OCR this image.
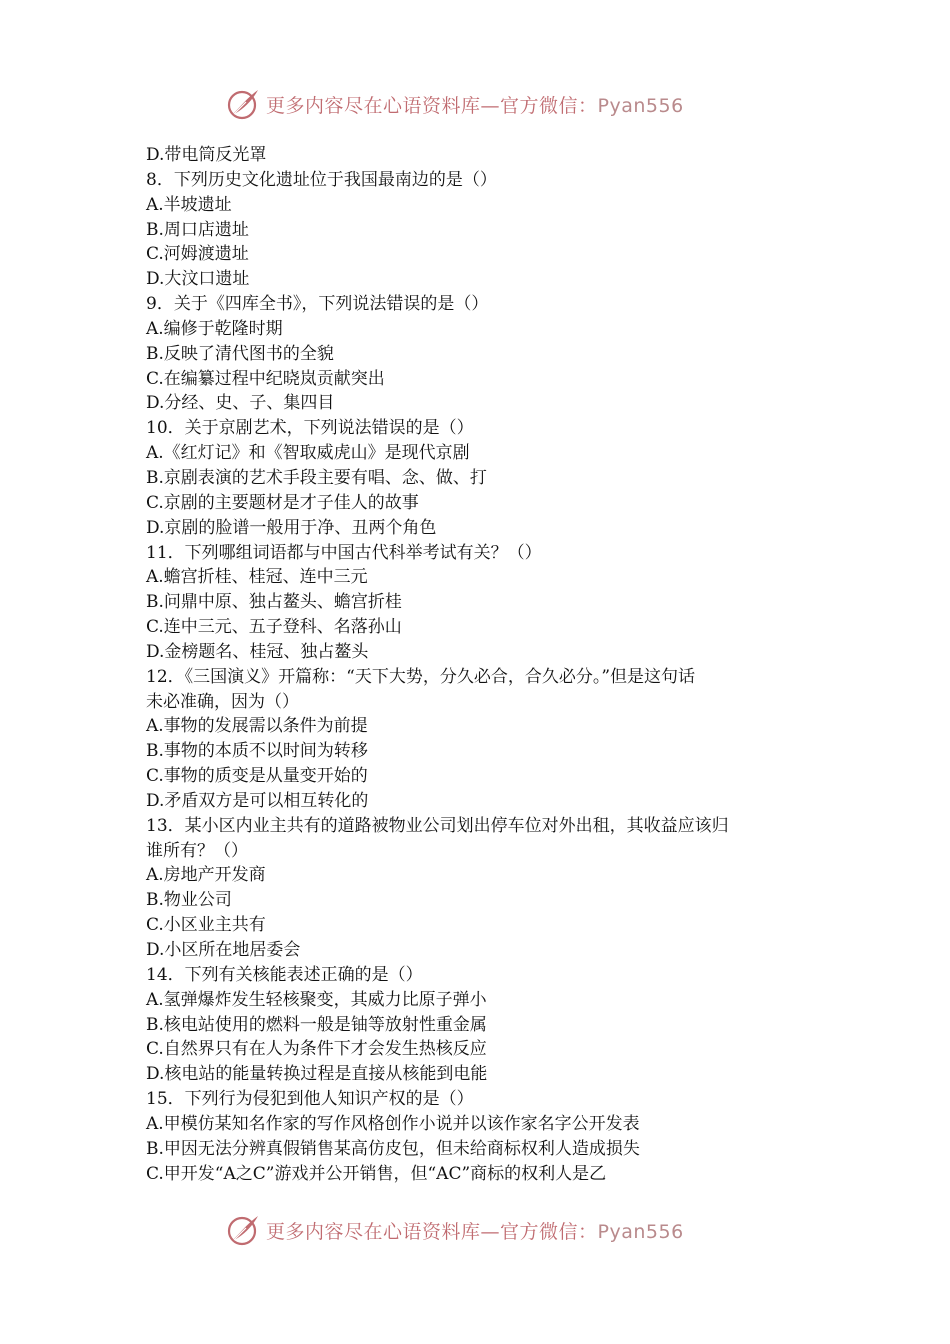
更多内容尽在心语资料库—官方微信：Pyan556
D.带电筒反光罩
8．下列历史文化遗址位于我国最南边的是（）
A.半坡遗址
B.周口店遗址
C.河姆渡遗址
D.大汶口遗址
9．关于《四库全书》，下列说法错误的是（）
A.编修于乾隆时期
B.反映了清代图书的全貌
C.在编纂过程中纪晓岚贡献突出
D.分经、史、子、集四目
10．关于京剧艺术，下列说法错误的是（）
A.《红灯记》和《智取威虎山》是现代京剧
B.京剧表演的艺术手段主要有唱、念、做、打
C.京剧的主要题材是才子佳人的故事
D.京剧的脸谱一般用于净、丑两个角色
11．下列哪组词语都与中国古代科举考试有关？（）
A.蟾宫折桂、桂冠、连中三元
B.问鼎中原、独占鳌头、蟾宫折桂
C.连中三元、五子登科、名落孙山
D.金榜题名、桂冠、独占鳌头
12．《三国演义》开篇称：“天下大势，分久必合，合久必分。”但是这句话
未必准确，因为（）
A.事物的发展需以条件为前提
B.事物的本质不以时间为转移
C.事物的质变是从量变开始的
D.矛盾双方是可以相互转化的
13．某小区内业主共有的道路被物业公司划出停车位对外出租，其收益应该归
谁所有？（）
A.房地产开发商
B.物业公司
C.小区业主共有
D.小区所在地居委会
14．下列有关核能表述正确的是（）
A.氢弹爆炸发生轻核聚变，其威力比原子弹小
B.核电站使用的燃料一般是铀等放射性重金属
C.自然界只有在人为条件下才会发生热核反应
D.核电站的能量转换过程是直接从核能到电能
15．下列行为侵犯到他人知识产权的是（）
A.甲模仿某知名作家的写作风格创作小说并以该作家名字公开发表
B.甲因无法分辨真假销售某高仿皮包，但未给商标权利人造成损失
C.甲开发“A之C”游戏并公开销售，但“AC”商标的权利人是乙
更多内容尽在心语资料库—官方微信：Pyan556
